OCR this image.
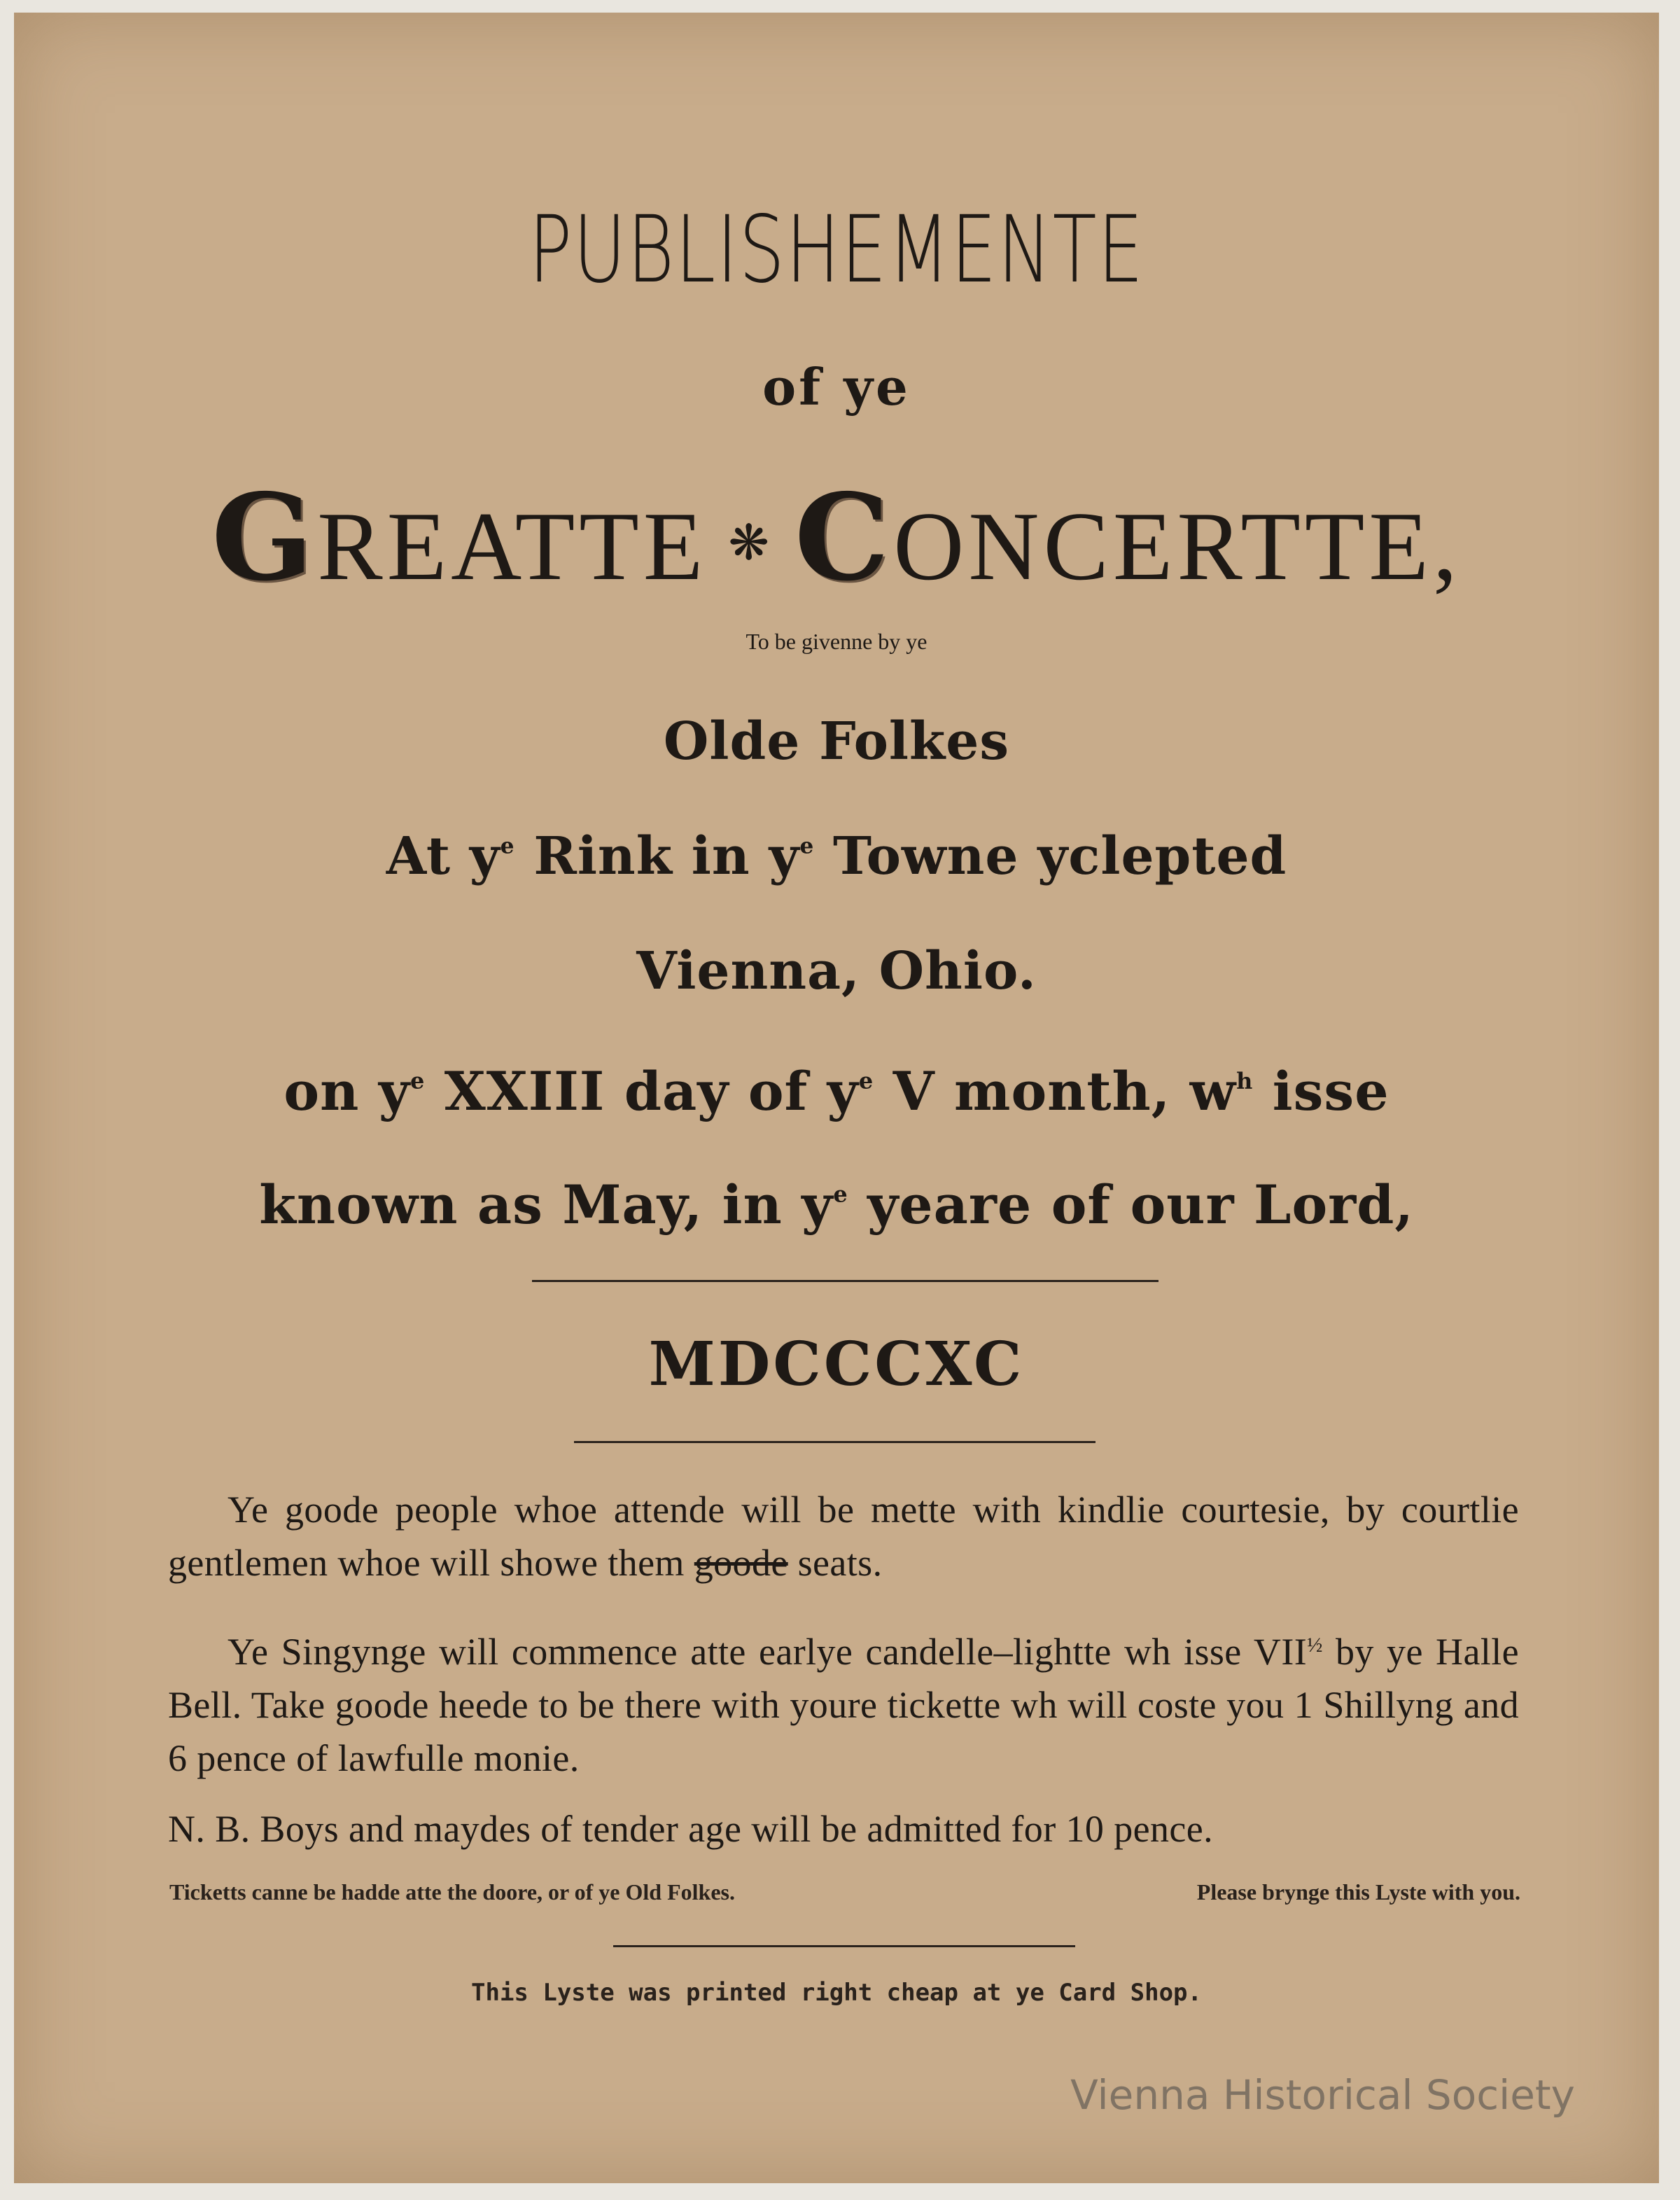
PUBLISHEMENTE
of ye
GREATTE ❋ CONCERTTE,
To be givenne by ye
Olde Folkes
At $y^e$ Rink in $y^e$ Towne yclepted
Vienna, Ohio.
on $y^e$ XXIII day of $y^e$ V month, $w^h$ isse
known as May, in $y^e$ yeare of our Lord,
MDCCCXC
Ye goode people whoe attende will be mette with kindlie courtesie, by courtlie gentlemen whoe will showe them goode seats.
Ye Singynge will commence atte earlye candelle–lightte wh isse $VII^{\frac{1}{2}}$ by ye Halle Bell. Take goode heede to be there with youre tickette wh will coste you 1 Shillyng and 6 pence of lawfulle monie.
N. B. Boys and maydes of tender age will be admitted for 10 pence.
Ticketts canne be hadde atte the doore, or of ye Old Folkes.	Please brynge this Lyste with you.
This Lyste was printed right cheap at ye Card Shop.
Vienna Historical Society
